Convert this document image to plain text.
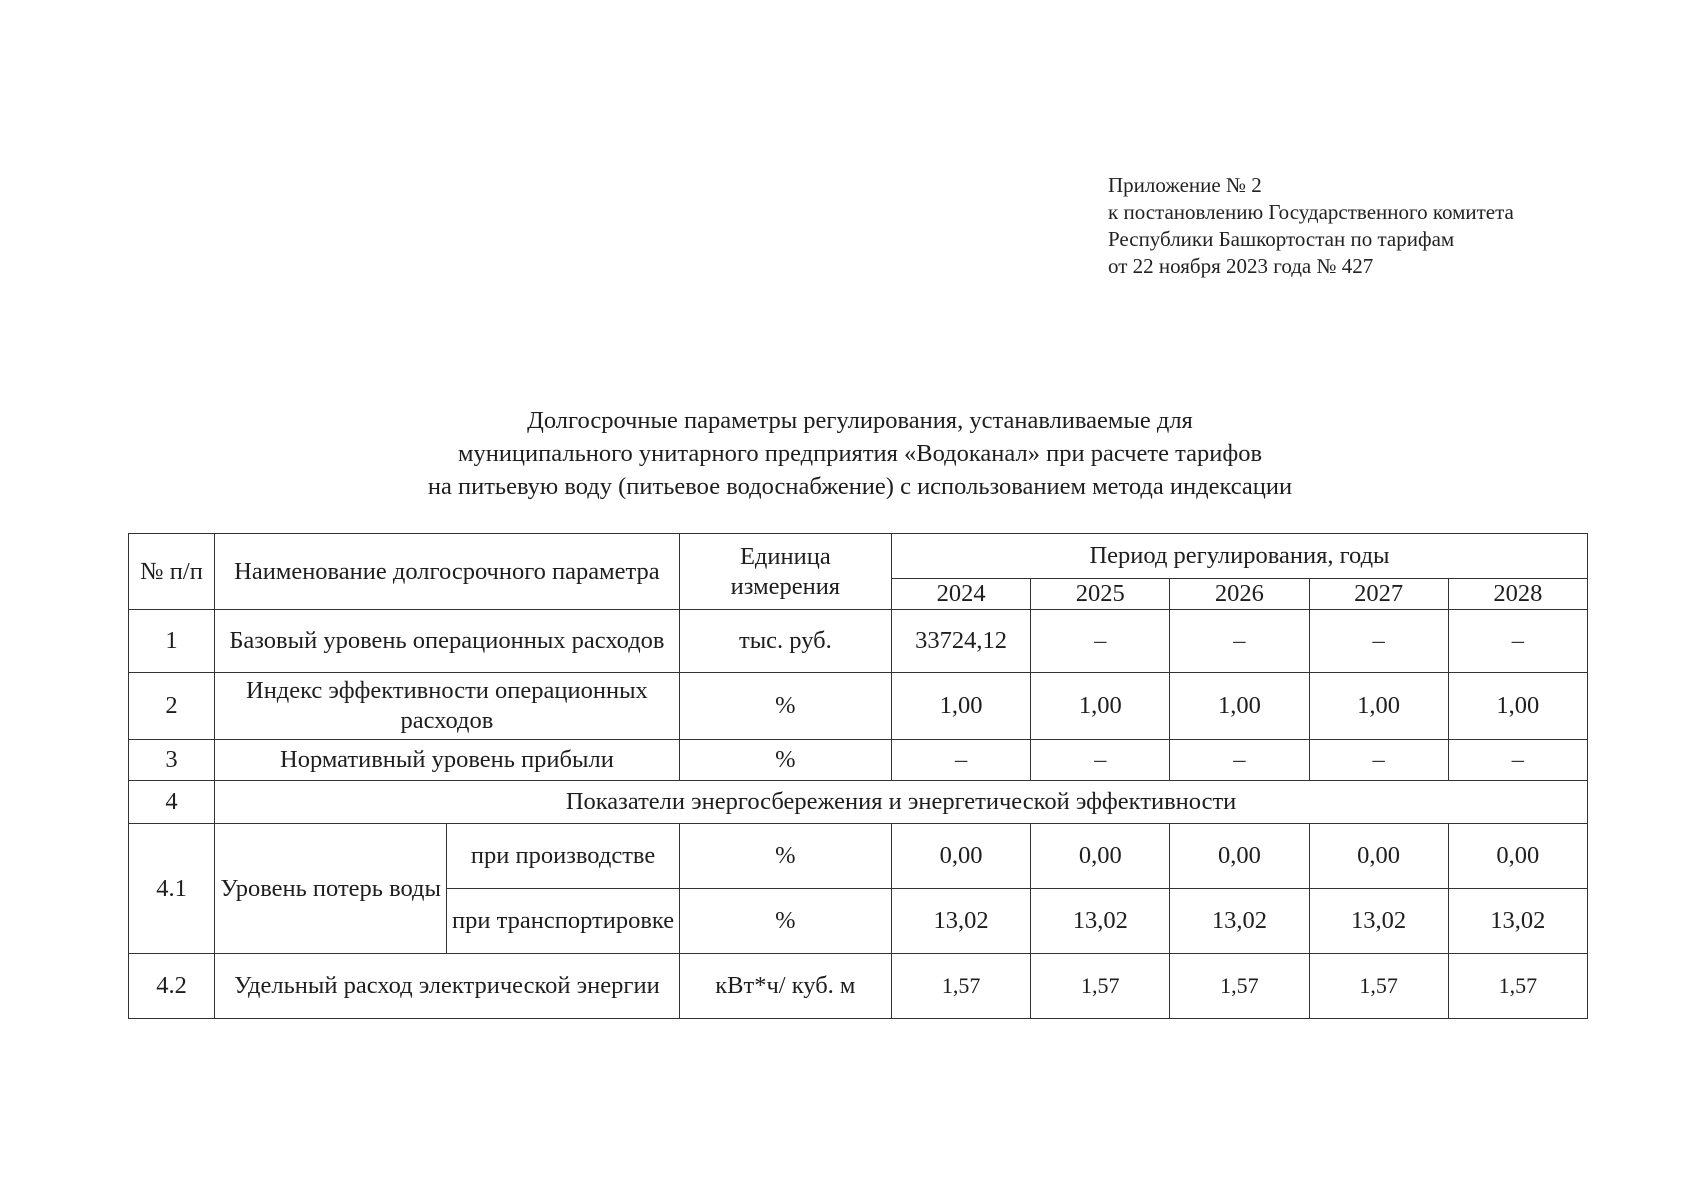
Приложение № 2
к постановлению Государственного комитета
Республики Башкортостан по тарифам
от 22 ноября 2023 года № 427
Долгосрочные параметры регулирования, устанавливаемые для
муниципального унитарного предприятия «Водоканал» при расчете тарифов
на питьевую воду (питьевое водоснабжение) с использованием метода индексации
№ п/п	Наименование долгосрочного параметра		Единица измерения	Период регулирования, годы				
				2024	2025	2026	2027	2028
1	Базовый уровень операционных расходов		тыс. руб.	33724,12	–	–	–	–
2	Индекс эффективности операционных расходов		%	1,00	1,00	1,00	1,00	1,00
3	Нормативный уровень прибыли		%	–	–	–	–	–
4	Показатели энергосбережения и энергетической эффективности							
4.1	Уровень потерь воды	при производстве	%	0,00	0,00	0,00	0,00	0,00
		при транспортировке	%	13,02	13,02	13,02	13,02	13,02
4.2	Удельный расход электрической энергии		кВт*ч/ куб. м	1,57	1,57	1,57	1,57	1,57
